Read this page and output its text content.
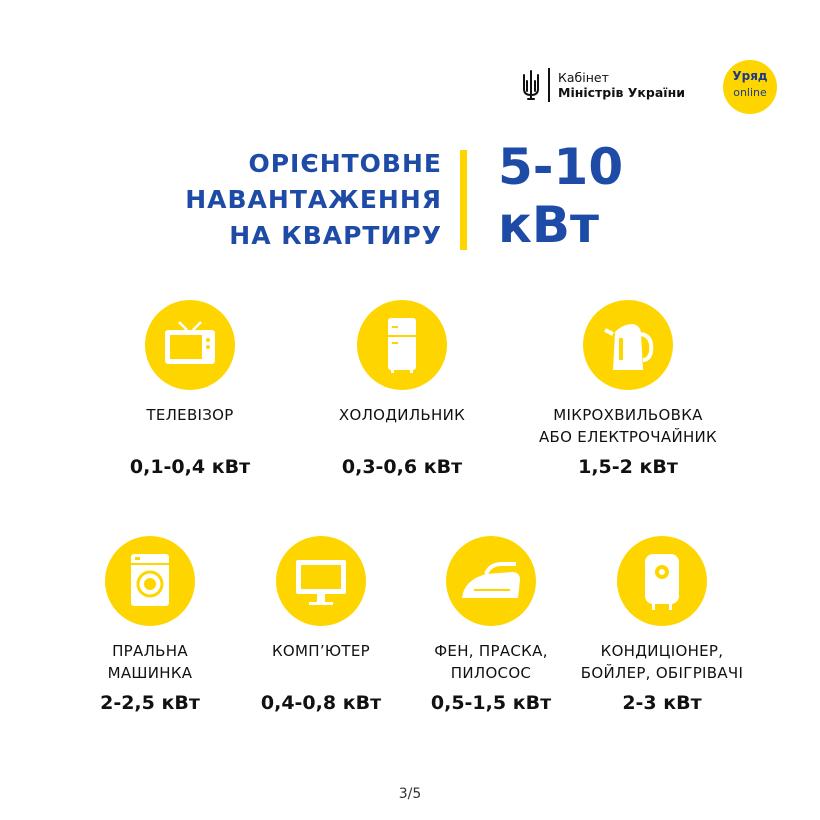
Кабінет
Міністрів України
Уряд
online
ОРІЄНТОВНЕ
НАВАНТАЖЕННЯ
НА КВАРТИРУ
5-10
кВт
ТЕЛЕВІЗОР
0,1-0,4 кВт
ХОЛОДИЛЬНИК
0,3-0,6 кВт
МІКРОХВИЛЬОВКА
АБО ЕЛЕКТРОЧАЙНИК
1,5-2 кВт
ПРАЛЬНА
МАШИНКА
2-2,5 кВт
КОМП’ЮТЕР
0,4-0,8 кВт
ФЕН, ПРАСКА,
ПИЛОСОС
0,5-1,5 кВт
КОНДИЦІОНЕР,
БОЙЛЕР, ОБІГРІВАЧІ
2-3 кВт
3/5
